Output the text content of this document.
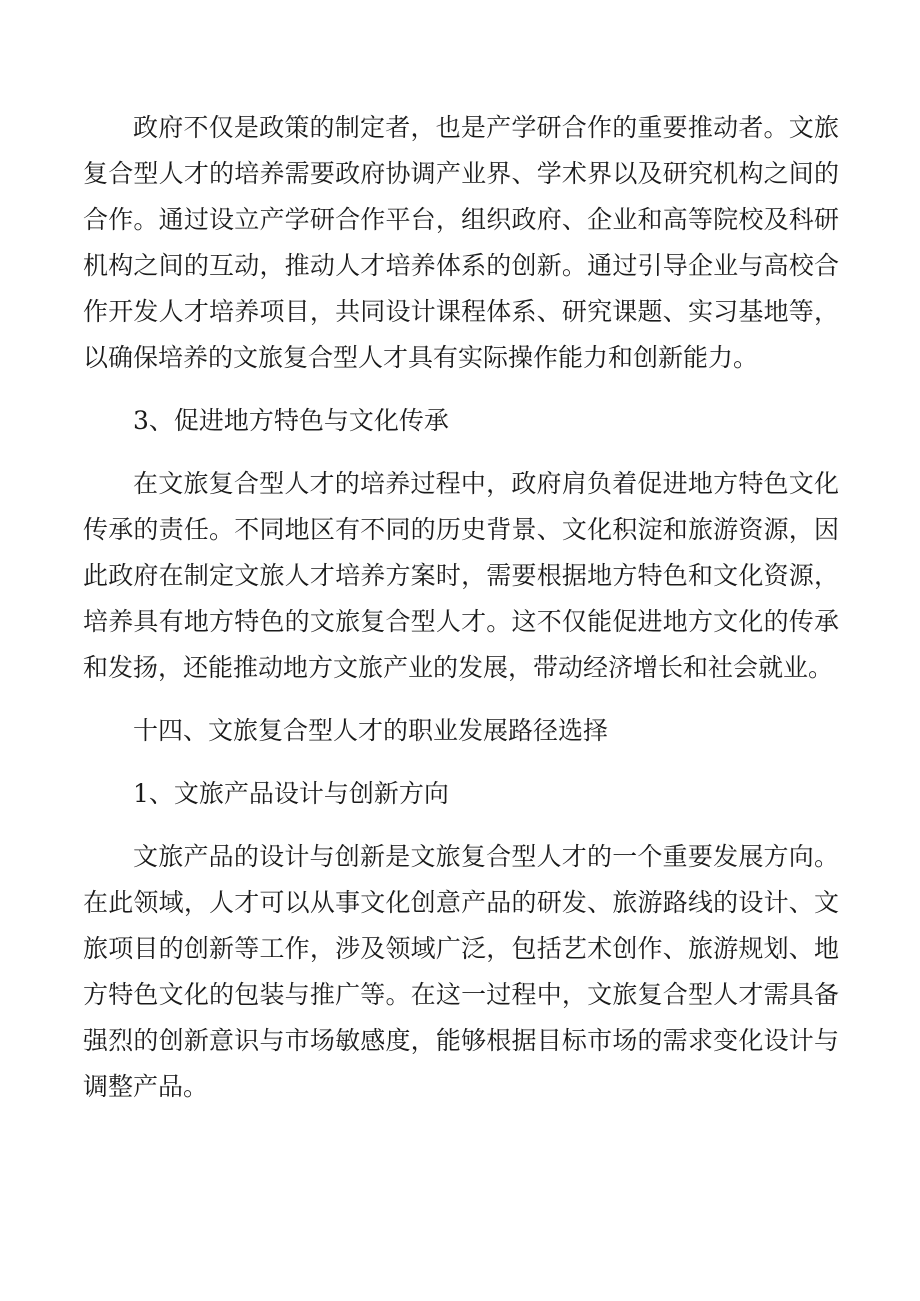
政府不仅是政策的制定者，也是产学研合作的重要推动者。文旅复合型人才的培养需要政府协调产业界、学术界以及研究机构之间的合作。通过设立产学研合作平台，组织政府、企业和高等院校及科研机构之间的互动，推动人才培养体系的创新。通过引导企业与高校合作开发人才培养项目，共同设计课程体系、研究课题、实习基地等，以确保培养的文旅复合型人才具有实际操作能力和创新能力。

3、促进地方特色与文化传承

在文旅复合型人才的培养过程中，政府肩负着促进地方特色文化传承的责任。不同地区有不同的历史背景、文化积淀和旅游资源，因此政府在制定文旅人才培养方案时，需要根据地方特色和文化资源，培养具有地方特色的文旅复合型人才。这不仅能促进地方文化的传承和发扬，还能推动地方文旅产业的发展，带动经济增长和社会就业。

十四、文旅复合型人才的职业发展路径选择

1、文旅产品设计与创新方向

文旅产品的设计与创新是文旅复合型人才的一个重要发展方向。在此领域，人才可以从事文化创意产品的研发、旅游路线的设计、文旅项目的创新等工作，涉及领域广泛，包括艺术创作、旅游规划、地方特色文化的包装与推广等。在这一过程中，文旅复合型人才需具备强烈的创新意识与市场敏感度，能够根据目标市场的需求变化设计与调整产品。
